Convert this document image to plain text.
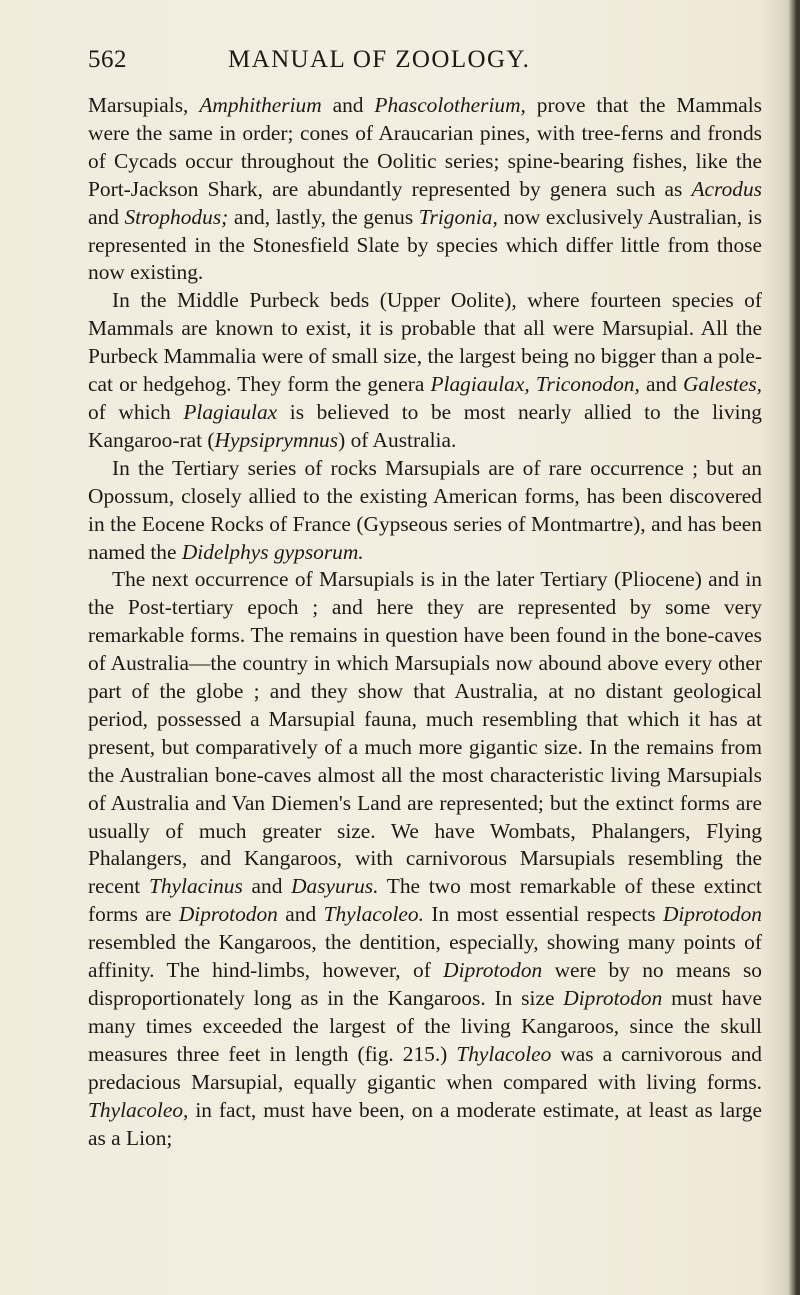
562	MANUAL OF ZOOLOGY.

Marsupials, Amphitherium and Phascolotherium, prove that the Mammals were the same in order; cones of Araucarian pines, with tree-ferns and fronds of Cycads occur throughout the Oolitic series; spine-bearing fishes, like the Port-Jackson Shark, are abundantly represented by genera such as Acrodus and Strophodus; and, lastly, the genus Trigonia, now exclusively Australian, is represented in the Stonesfield Slate by species which differ little from those now existing.

In the Middle Purbeck beds (Upper Oolite), where fourteen species of Mammals are known to exist, it is probable that all were Marsupial. All the Purbeck Mammalia were of small size, the largest being no bigger than a pole-cat or hedgehog. They form the genera Plagiaulax, Triconodon, and Galestes, of which Plagiaulax is believed to be most nearly allied to the living Kangaroo-rat (Hypsiprymnus) of Australia.

In the Tertiary series of rocks Marsupials are of rare occurrence ; but an Opossum, closely allied to the existing American forms, has been discovered in the Eocene Rocks of France (Gypseous series of Montmartre), and has been named the Didelphys gypsorum.

The next occurrence of Marsupials is in the later Tertiary (Pliocene) and in the Post-tertiary epoch ; and here they are represented by some very remarkable forms. The remains in question have been found in the bone-caves of Australia—the country in which Marsupials now abound above every other part of the globe ; and they show that Australia, at no distant geological period, possessed a Marsupial fauna, much resembling that which it has at present, but comparatively of a much more gigantic size. In the remains from the Australian bone-caves almost all the most characteristic living Marsupials of Australia and Van Diemen's Land are represented; but the extinct forms are usually of much greater size. We have Wombats, Phalangers, Flying Phalangers, and Kangaroos, with carnivorous Marsupials resembling the recent Thylacinus and Dasyurus. The two most remarkable of these extinct forms are Diprotodon and Thylacoleo. In most essential respects Diprotodon resembled the Kangaroos, the dentition, especially, showing many points of affinity. The hind-limbs, however, of Diprotodon were by no means so disproportionately long as in the Kangaroos. In size Diprotodon must have many times exceeded the largest of the living Kangaroos, since the skull measures three feet in length (fig. 215.) Thylacoleo was a carnivorous and predacious Marsupial, equally gigantic when compared with living forms. Thylacoleo, in fact, must have been, on a moderate estimate, at least as large as a Lion;
